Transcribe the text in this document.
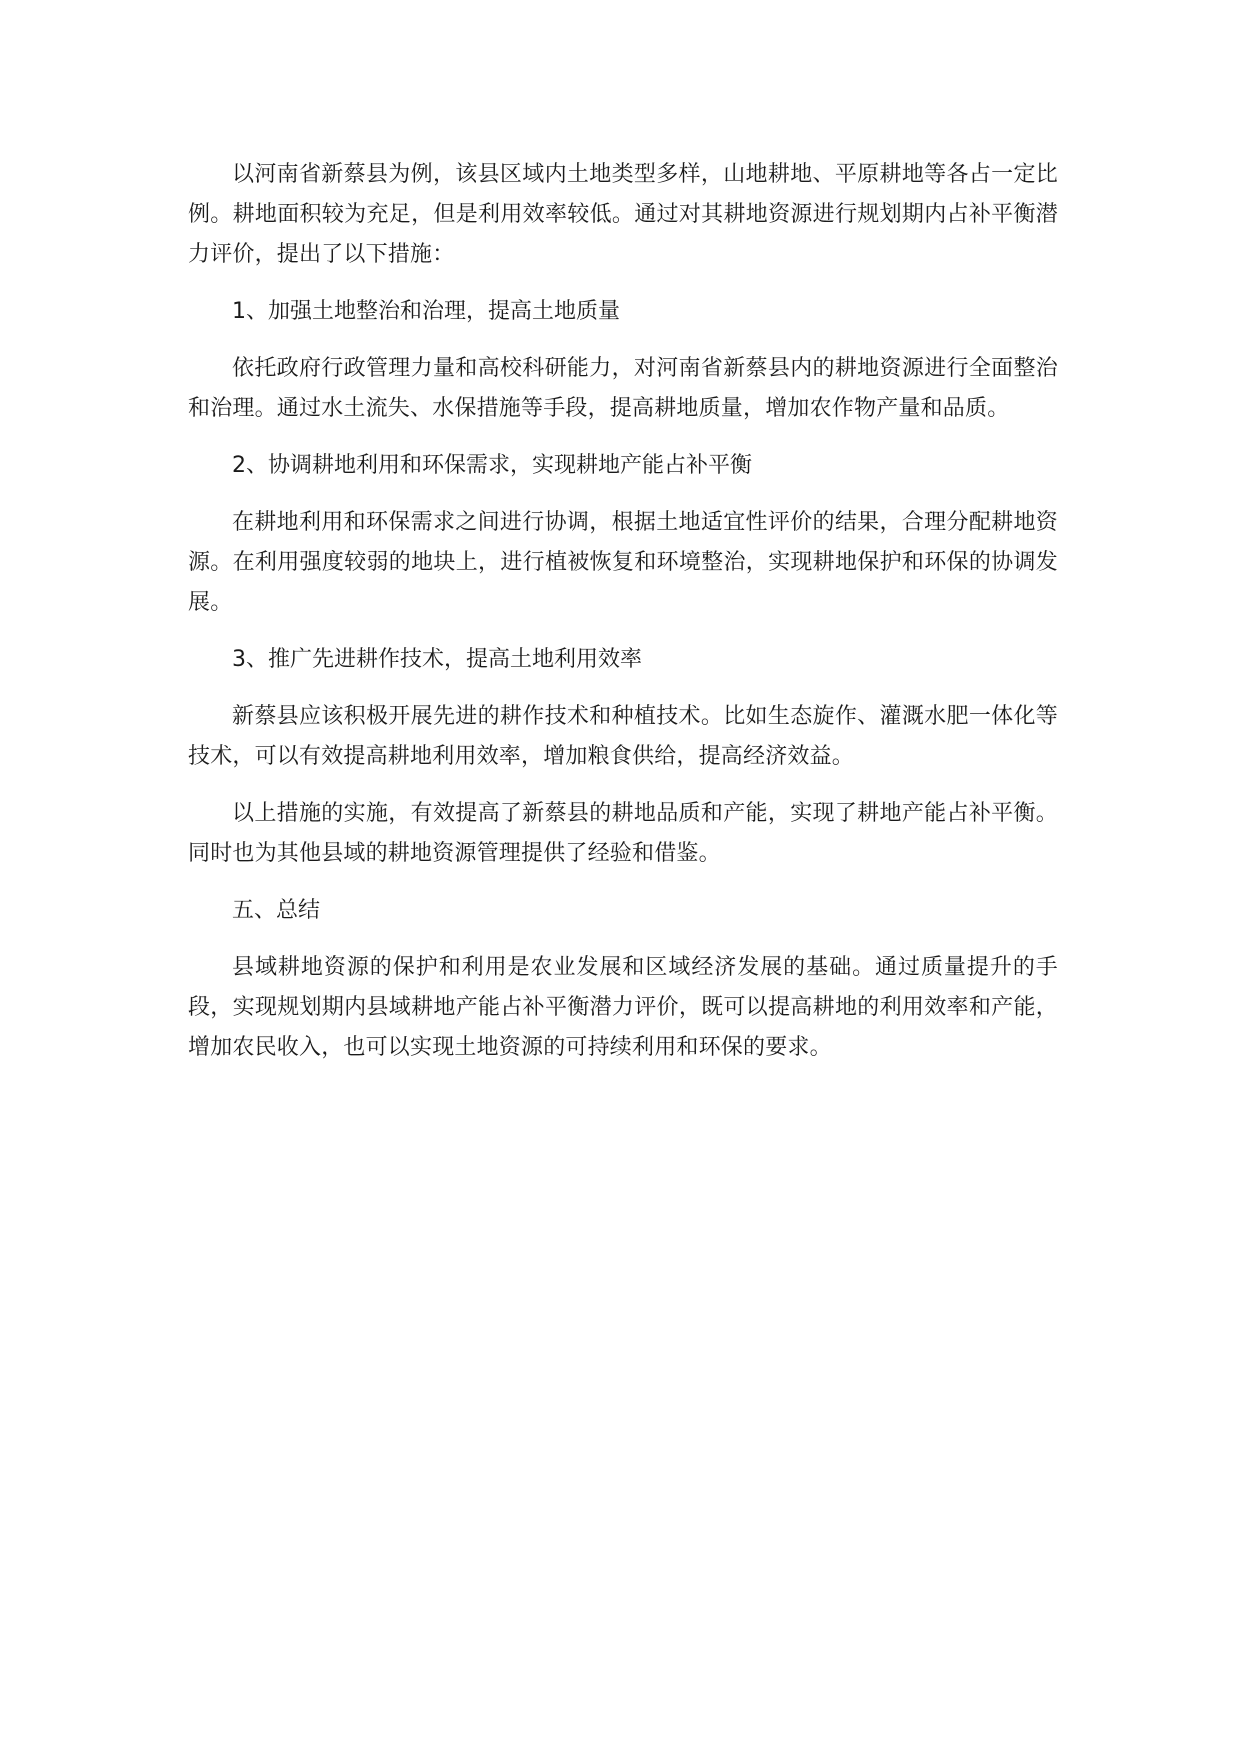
以河南省新蔡县为例，该县区域内土地类型多样，山地耕地、平原耕地等各占一定比例。耕地面积较为充足，但是利用效率较低。通过对其耕地资源进行规划期内占补平衡潜力评价，提出了以下措施：

1、加强土地整治和治理，提高土地质量

依托政府行政管理力量和高校科研能力，对河南省新蔡县内的耕地资源进行全面整治和治理。通过水土流失、水保措施等手段，提高耕地质量，增加农作物产量和品质。

2、协调耕地利用和环保需求，实现耕地产能占补平衡

在耕地利用和环保需求之间进行协调，根据土地适宜性评价的结果，合理分配耕地资源。在利用强度较弱的地块上，进行植被恢复和环境整治，实现耕地保护和环保的协调发展。

3、推广先进耕作技术，提高土地利用效率

新蔡县应该积极开展先进的耕作技术和种植技术。比如生态旋作、灌溉水肥一体化等技术，可以有效提高耕地利用效率，增加粮食供给，提高经济效益。

以上措施的实施，有效提高了新蔡县的耕地品质和产能，实现了耕地产能占补平衡。同时也为其他县域的耕地资源管理提供了经验和借鉴。

五、总结

县域耕地资源的保护和利用是农业发展和区域经济发展的基础。通过质量提升的手段，实现规划期内县域耕地产能占补平衡潜力评价，既可以提高耕地的利用效率和产能，增加农民收入，也可以实现土地资源的可持续利用和环保的要求。
